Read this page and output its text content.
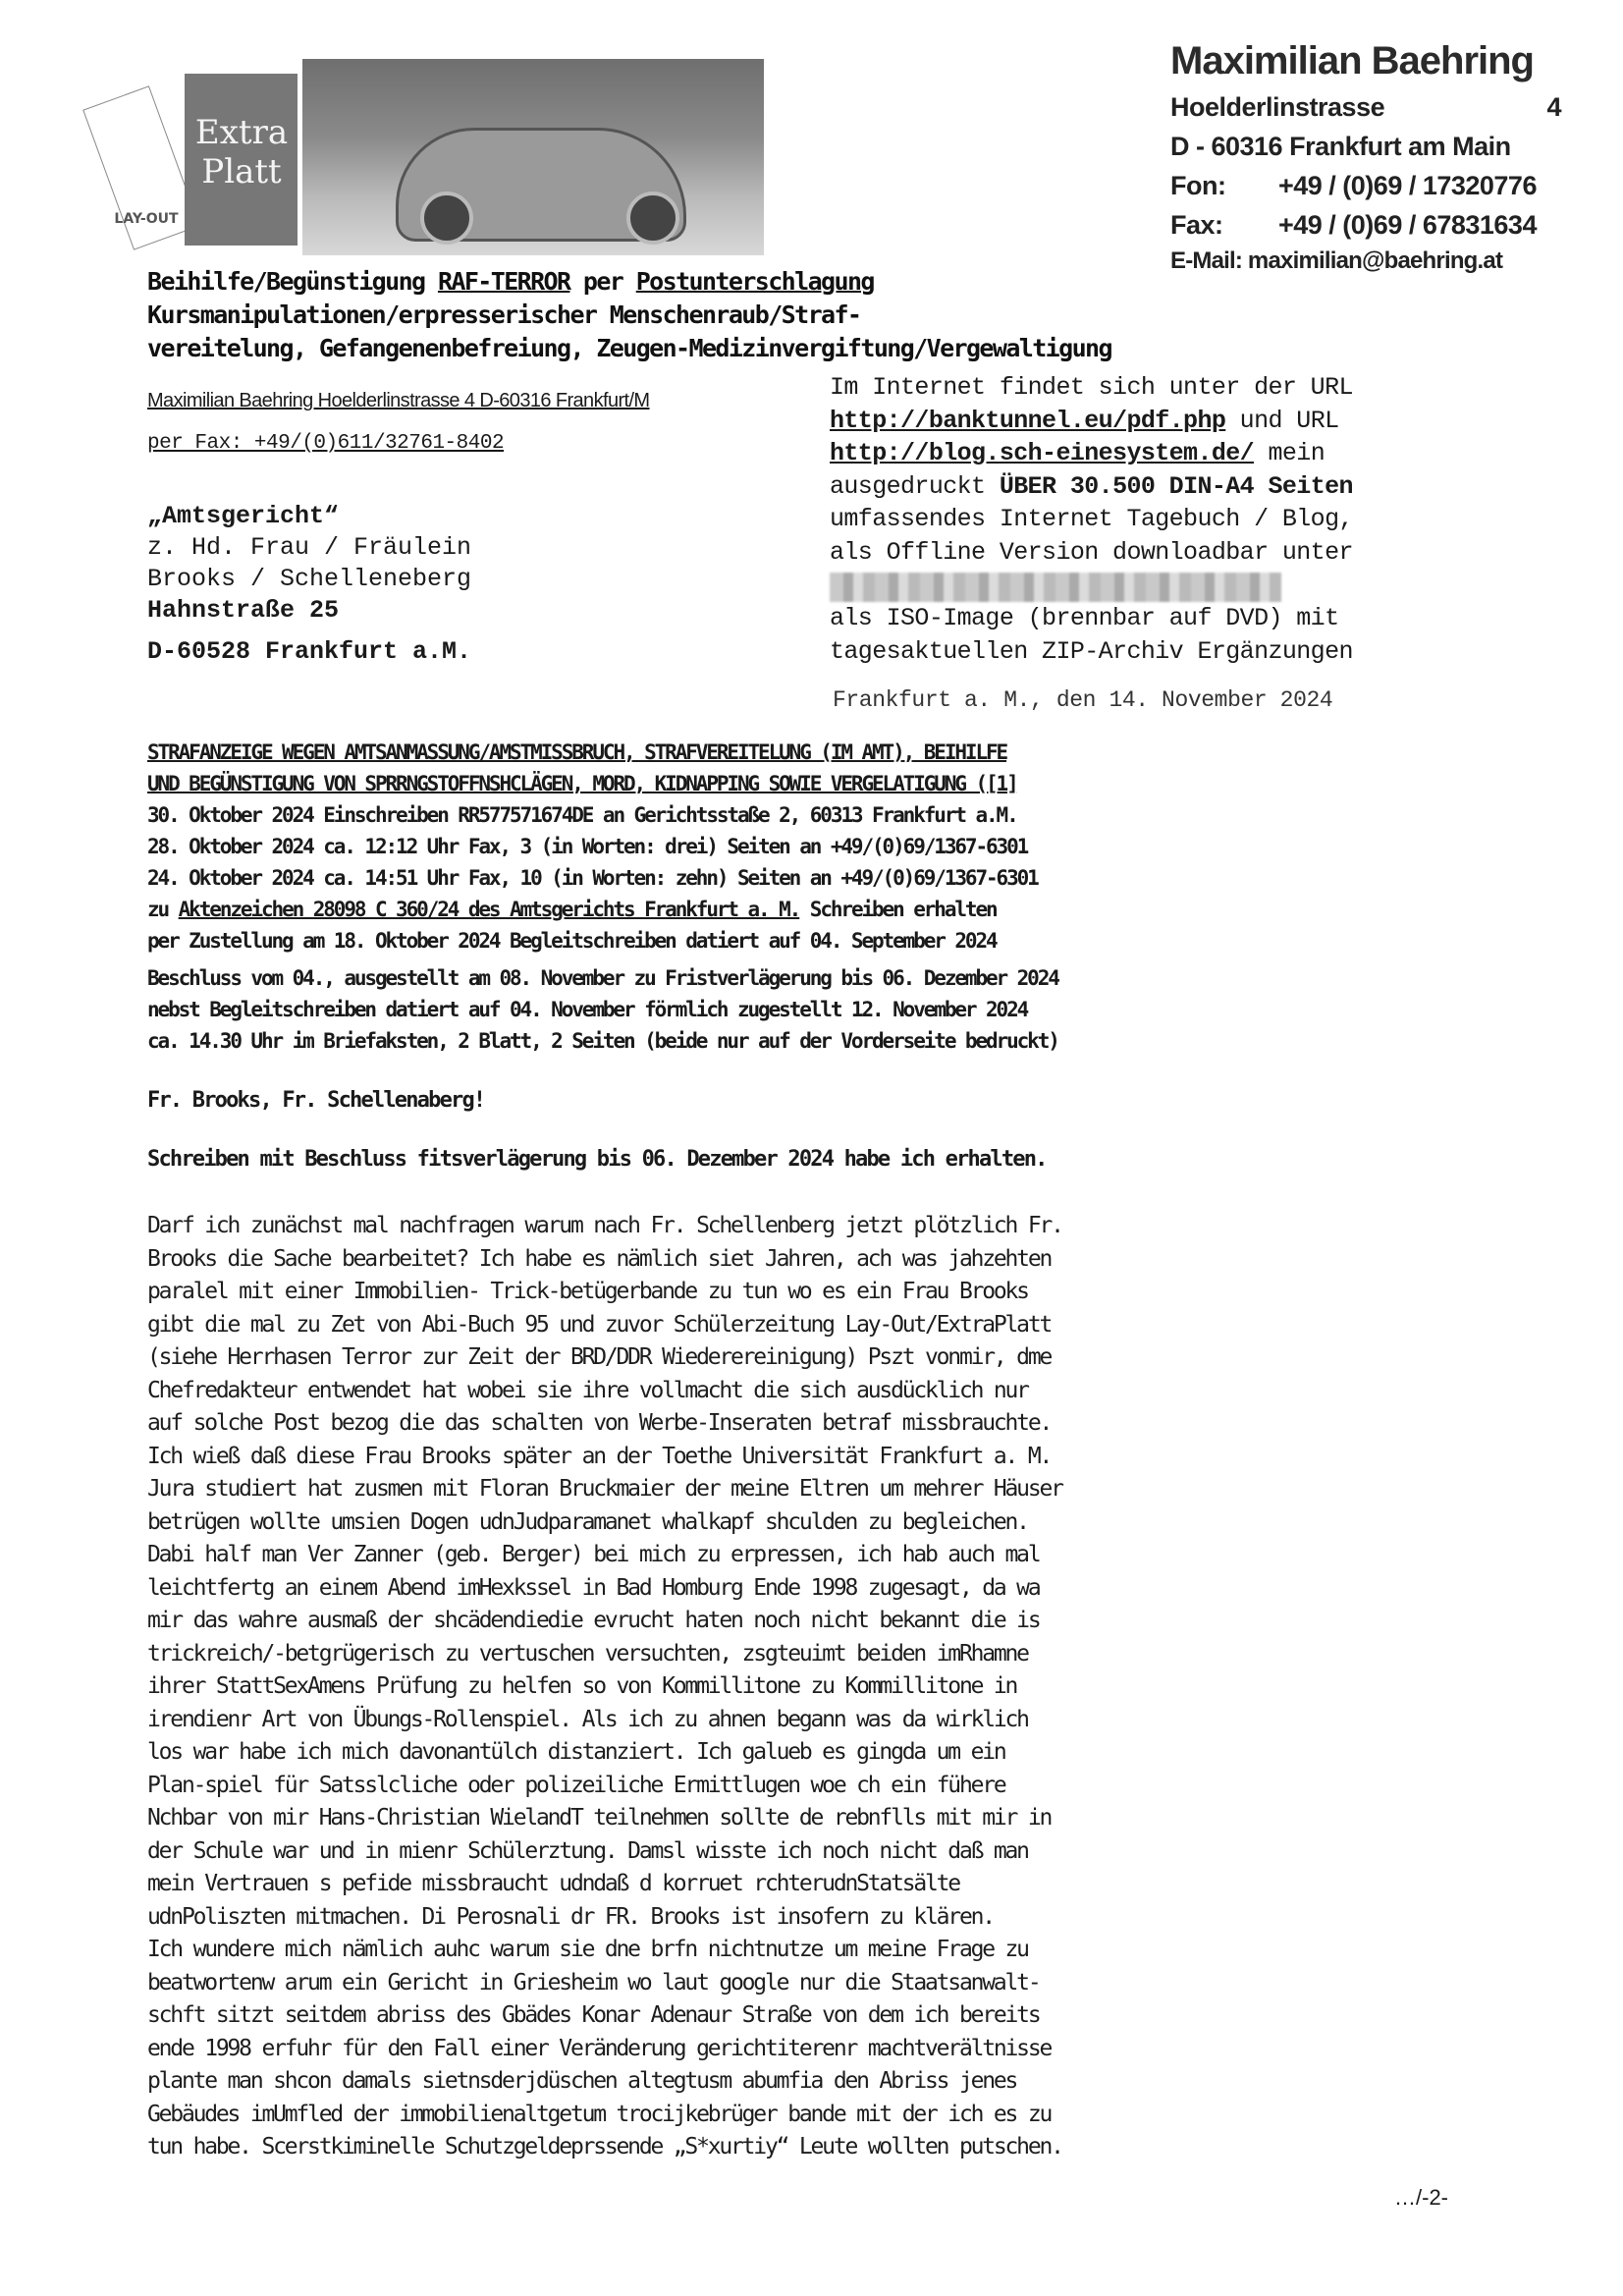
LAY-OUT
Extra Platt
Maximilian Baehring
Hoelderlinstrasse	4
D - 60316 Frankfurt am Main
Fon:	+49 / (0)69 / 17320776
Fax:	+49 / (0)69 / 67831634
E-Mail: maximilian@baehring.at
Beihilfe/Begünstigung RAF-TERROR per Postunterschlagung
Kursmanipulationen/erpresserischer Menschenraub/Straf-
vereitelung, Gefangenenbefreiung, Zeugen-Medizinvergiftung/Vergewaltigung
Maximilian Baehring Hoelderlinstrasse 4 D-60316 Frankfurt/M
per Fax: +49/(0)611/32761-8402
„Amtsgericht“
z. Hd. Frau / Fräulein
Brooks / Schelleneberg
Hahnstraße 25
D-60528 Frankfurt a.M.
Im Internet findet sich unter der URL
http://banktunnel.eu/pdf.php und URL
http://blog.sch-einesystem.de/ mein
ausgedruckt ÜBER 30.500 DIN-A4 Seiten
umfassendes Internet Tagebuch / Blog,
als Offline Version downloadbar unter
als ISO-Image (brennbar auf DVD) mit
tagesaktuellen ZIP-Archiv Ergänzungen
Frankfurt a. M., den 14. November 2024
STRAFANZEIGE WEGEN AMTSANMASSUNG/AMSTMISSBRUCH, STRAFVEREITELUNG (IM AMT), BEIHILFE
UND BEGÜNSTIGUNG VON SPRRNGSTOFFNSHCLÄGEN, MORD, KIDNAPPING SOWIE VERGELATIGUNG ([1]
30. Oktober 2024 Einschreiben RR577571674DE an Gerichtsstaße 2, 60313 Frankfurt a.M.
28. Oktober 2024 ca. 12:12 Uhr Fax, 3 (in Worten: drei) Seiten an +49/(0)69/1367-6301
24. Oktober 2024 ca. 14:51 Uhr Fax, 10 (in Worten: zehn) Seiten an +49/(0)69/1367-6301
zu Aktenzeichen 28098 C 360/24 des Amtsgerichts Frankfurt a. M. Schreiben erhalten
per Zustellung am 18. Oktober 2024 Begleitschreiben datiert auf 04. September 2024
Beschluss vom 04., ausgestellt am 08. November zu Fristverlägerung bis 06. Dezember 2024
nebst Begleitschreiben datiert auf 04. November förmlich zugestellt 12. November 2024
ca. 14.30 Uhr im Briefaksten, 2 Blatt, 2 Seiten (beide nur auf der Vorderseite bedruckt)
Fr. Brooks, Fr. Schellenaberg!
Schreiben mit Beschluss fitsverlägerung bis 06. Dezember 2024 habe ich erhalten.
Darf ich zunächst mal nachfragen warum nach Fr. Schellenberg jetzt plötzlich Fr.
Brooks die Sache bearbeitet? Ich habe es nämlich siet Jahren, ach was jahzehten
paralel mit einer Immobilien- Trick-betügerbande zu tun wo es ein Frau Brooks
gibt die mal zu Zet von Abi-Buch 95 und zuvor Schülerzeitung Lay-Out/ExtraPlatt
(siehe Herrhasen Terror zur Zeit der BRD/DDR Wiederereinigung) Pszt vonmir, dme
Chefredakteur entwendet hat wobei sie ihre vollmacht die sich ausdücklich nur
auf solche Post bezog die das schalten von Werbe-Inseraten betraf missbrauchte.
Ich wieß daß diese Frau Brooks später an der Toethe Universität Frankfurt a. M.
Jura studiert hat zusmen mit Floran Bruckmaier der meine Eltren um mehrer Häuser
betrügen wollte umsien Dogen udnJudparamanet whalkapf shculden zu begleichen.
Dabi half man Ver Zanner (geb. Berger) bei mich zu erpressen, ich hab auch mal
leichtfertg an einem Abend imHexkssel in Bad Homburg Ende 1998 zugesagt, da wa
mir das wahre ausmaß der shcädendiedie evrucht haten noch nicht bekannt die is
trickreich/-betgrügerisch zu vertuschen versuchten, zsgteuimt beiden imRhamne
ihrer StattSexAmens Prüfung zu helfen so von Kommillitone zu Kommillitone in
irendienr Art von Übungs-Rollenspiel. Als ich zu ahnen begann was da wirklich
los war habe ich mich davonantülch distanziert. Ich galueb es gingda um ein
Plan-spiel für Satsslcliche oder polizeiliche Ermittlugen woe ch ein fühere
Nchbar von mir Hans-Christian WielandT teilnehmen sollte de rebnflls mit mir in
der Schule war und in mienr Schülerztung. Damsl wisste ich noch nicht daß man
mein Vertrauen s pefide missbraucht udndaß d korruet rchterudnStatsälte
udnPoliszten mitmachen. Di Perosnali dr FR. Brooks ist insofern zu klären.
Ich wundere mich nämlich auhc warum sie dne brfn nichtnutze um meine Frage zu
beatwortenw arum ein Gericht in Griesheim wo laut google nur die Staatsanwalt-
schft sitzt seitdem abriss des Gbädes Konar Adenaur Straße von dem ich bereits
ende 1998 erfuhr für den Fall einer Veränderung gerichtiterenr machtverältnisse
plante man shcon damals sietnsderjdüschen altegtusm abumfia den Abriss jenes
Gebäudes imUmfled der immobilienaltgetum trocijkebrüger bande mit der ich es zu
tun habe. Scerstkiminelle Schutzgeldeprssende „S*xurtiy“ Leute wollten putschen.
…/-2-
